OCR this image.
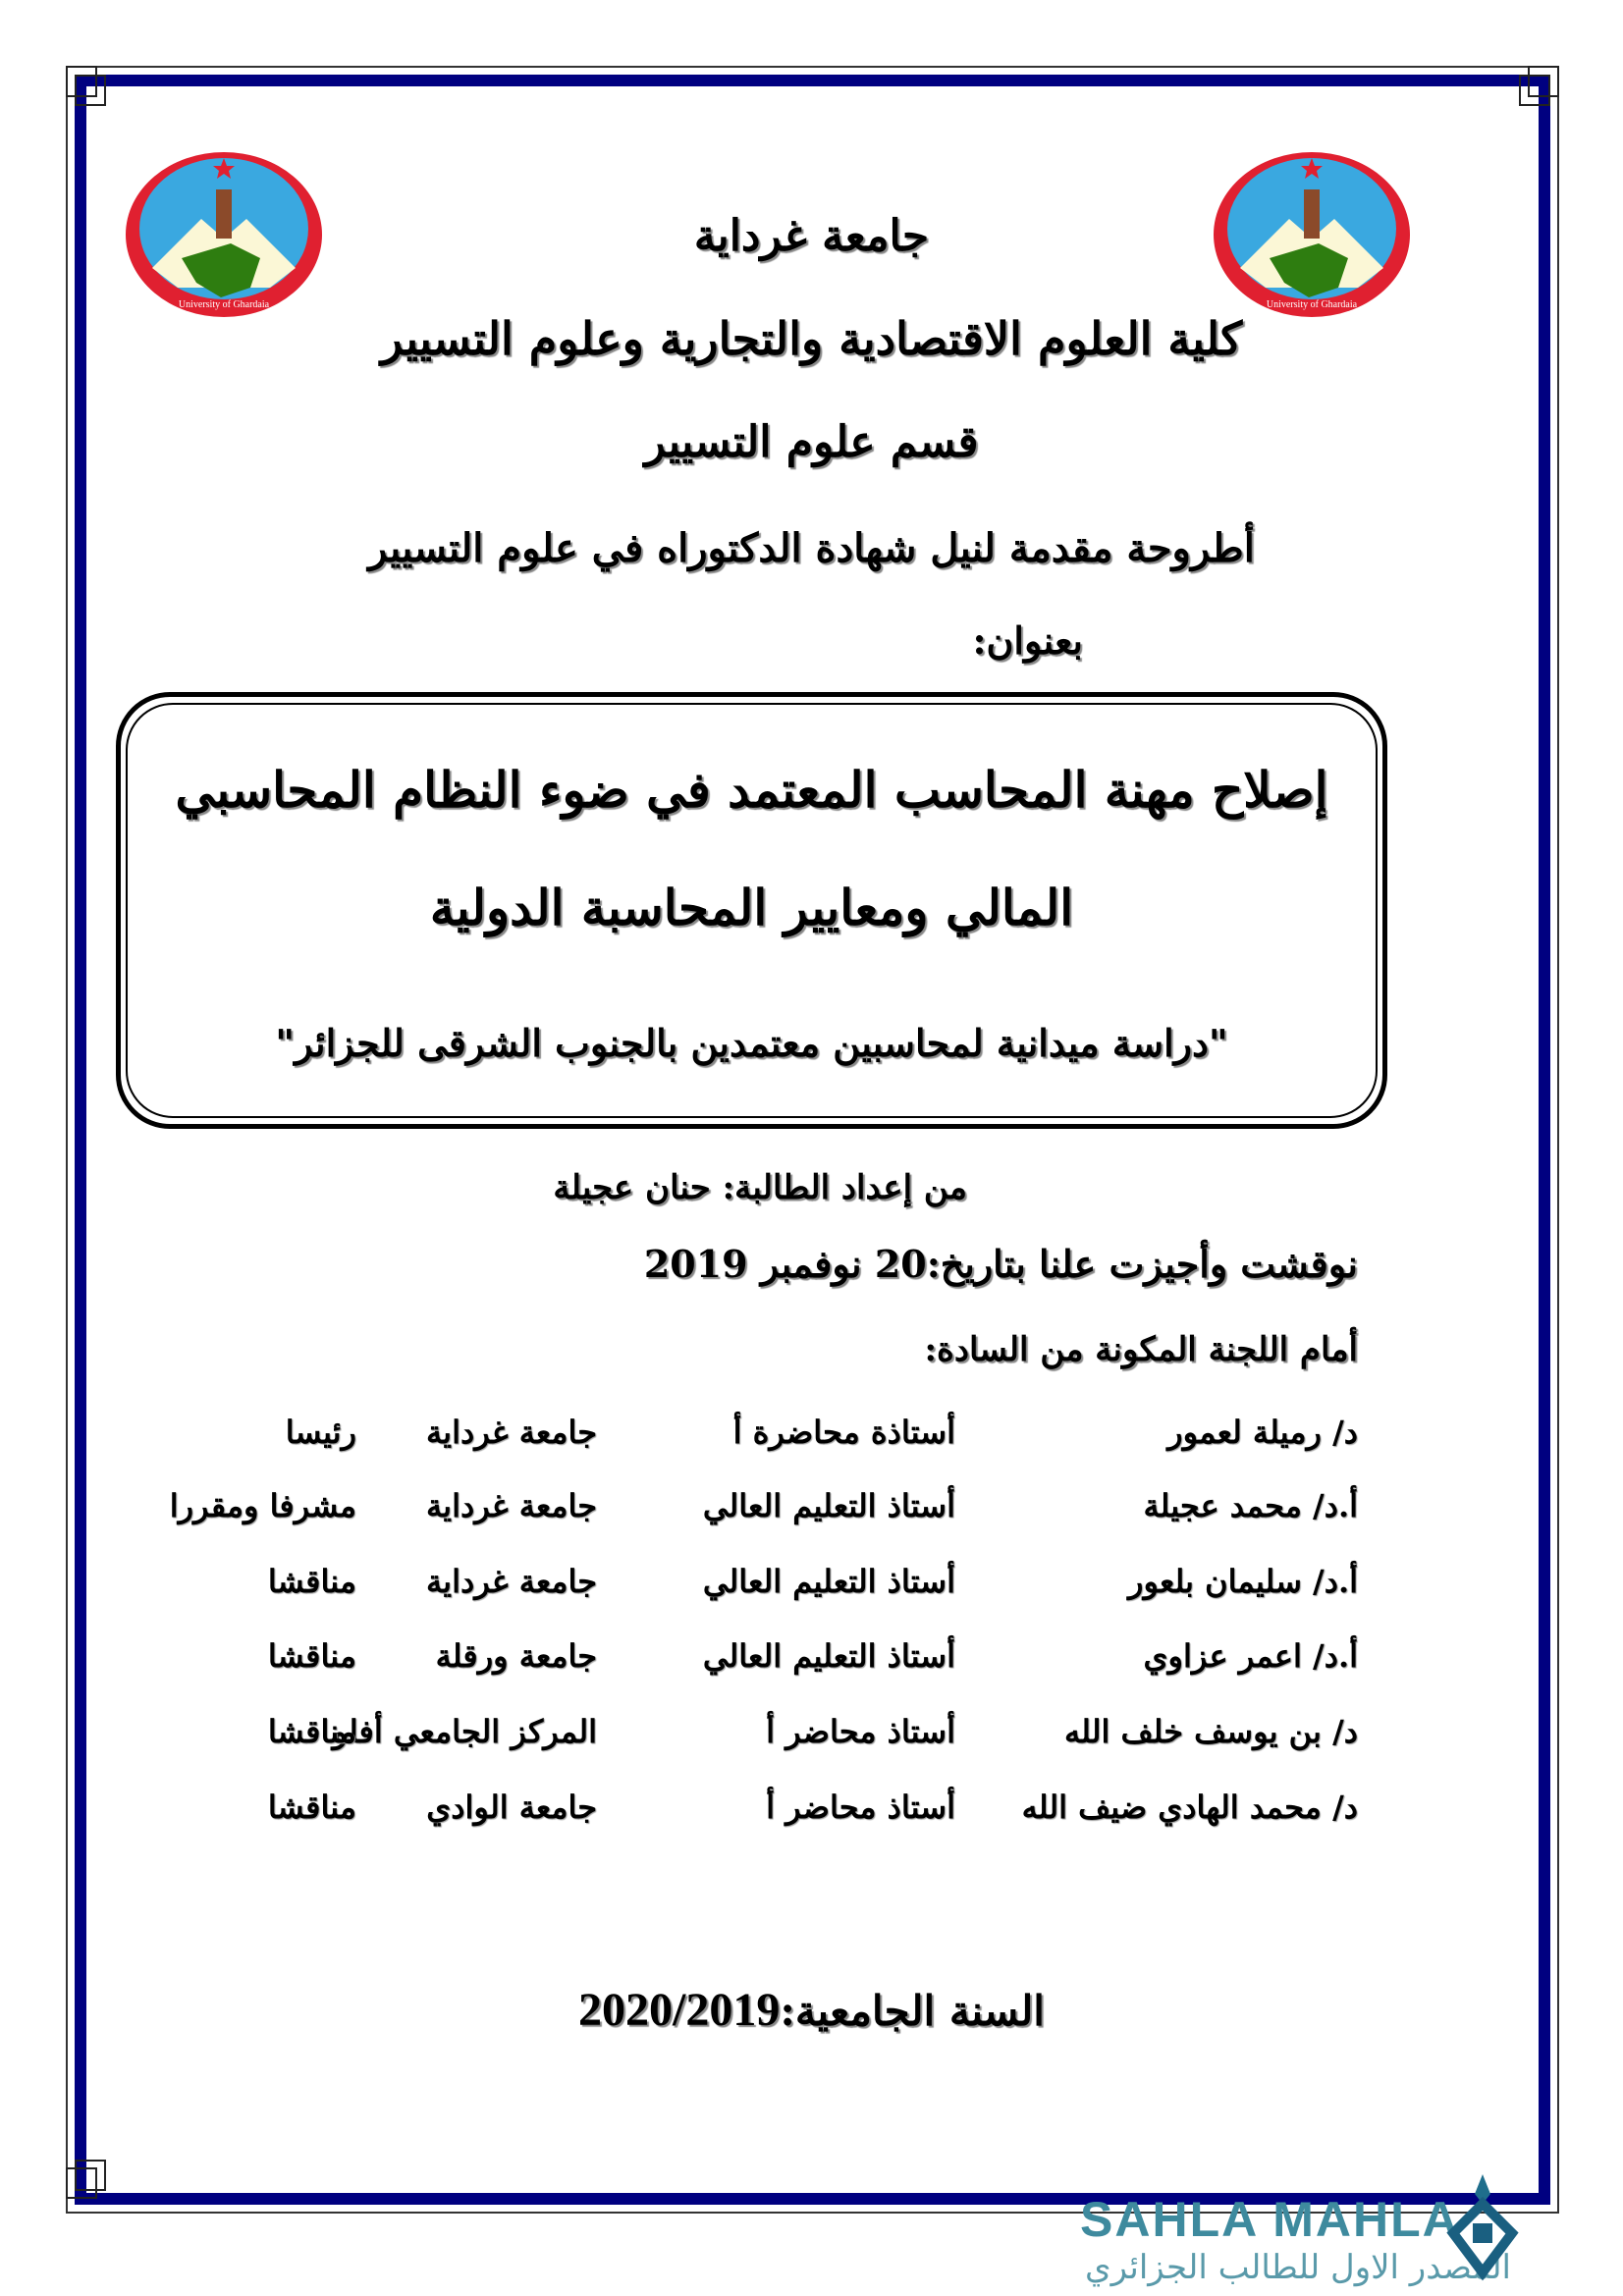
University of Ghardaia	University of Ghardaia
جامعة غرداية
كلية العلوم الاقتصادية والتجارية وعلوم التسيير
قسم علوم التسيير
أطروحة مقدمة لنيل شهادة الدكتوراه في علوم التسيير
بعنوان:
إصلاح مهنة المحاسب المعتمد في ضوء النظام المحاسبي
المالي ومعايير المحاسبة الدولية
"دراسة ميدانية لمحاسبين معتمدين بالجنوب الشرقى للجزائر"
من إعداد الطالبة: حنان عجيلة
نوقشت وأجيزت علنا بتاريخ:20 نوفمبر 2019
أمام اللجنة المكونة من السادة:
د/ رميلة لعمور
أستاذة محاضرة أ
جامعة غرداية
رئيسا
أ.د/ محمد عجيلة
أستاذ التعليم العالي
جامعة غرداية
مشرفا ومقررا
أ.د/ سليمان بلعور
أستاذ التعليم العالي
جامعة غرداية
مناقشا
أ.د/ اعمر عزاوي
أستاذ التعليم العالي
جامعة ورقلة
مناقشا
د/ بن يوسف خلف الله
أستاذ محاضر أ
المركز الجامعي أفلو
مناقشا
د/ محمد الهادي ضيف الله
أستاذ محاضر أ
جامعة الوادي
مناقشا
السنة الجامعية:2020/2019
SAHLA MAHLA
المصدر الاول للطالب الجزائري
